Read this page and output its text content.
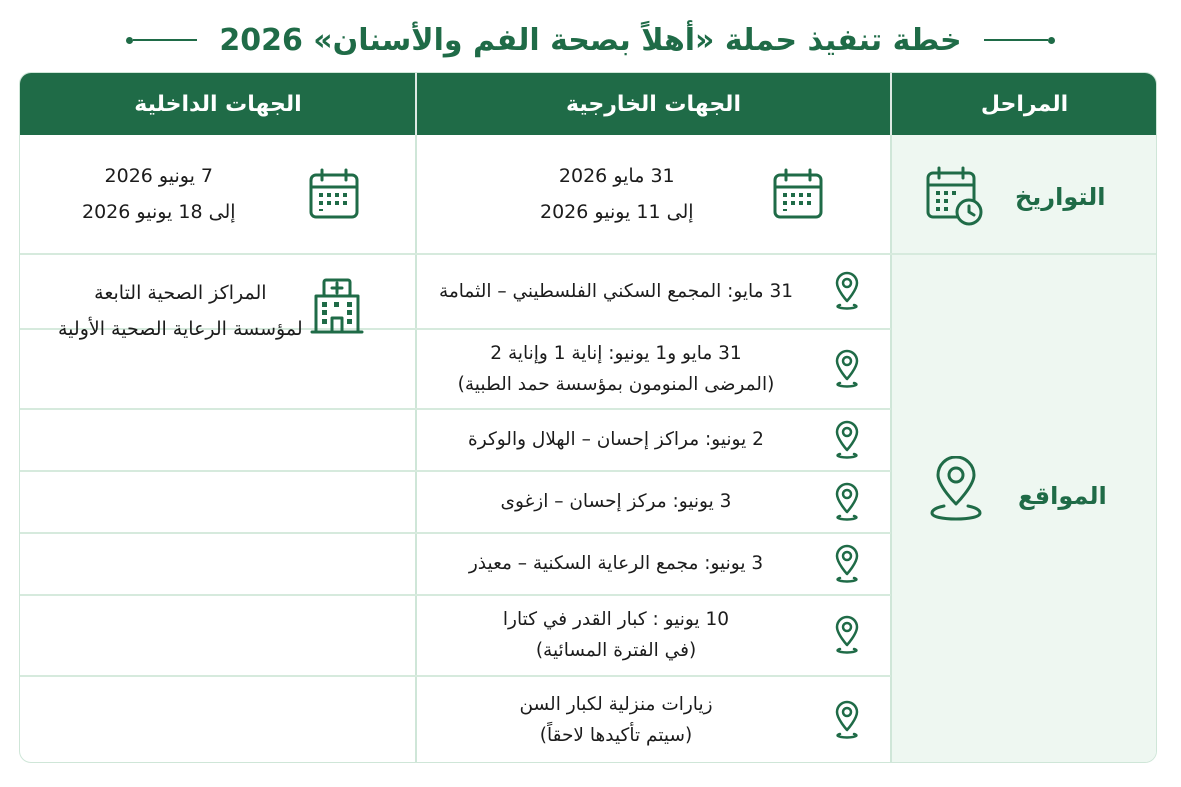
خطة تنفيذ حملة «أهلاً بصحة الفم والأسنان» 2026
المراحل
الجهات الخارجية
الجهات الداخلية
التواريخ
المواقع
31 مايو 2026
إلى 11 يونيو 2026
7 يونيو 2026
إلى 18 يونيو 2026
المراكز الصحية التابعة
لمؤسسة الرعاية الصحية الأولية
31 مايو: المجمع السكني الفلسطيني – الثمامة
31 مايو و1 يونيو: إناية 1 وإناية 2
(المرضى المنومون بمؤسسة حمد الطبية)
2 يونيو: مراكز إحسان – الهلال والوكرة
3 يونيو: مركز إحسان – ازغوى
3 يونيو: مجمع الرعاية السكنية – معيذر
10 يونيو : كبار القدر في كتارا
(في الفترة المسائية)
زيارات منزلية لكبار السن
(سيتم تأكيدها لاحقاً)
